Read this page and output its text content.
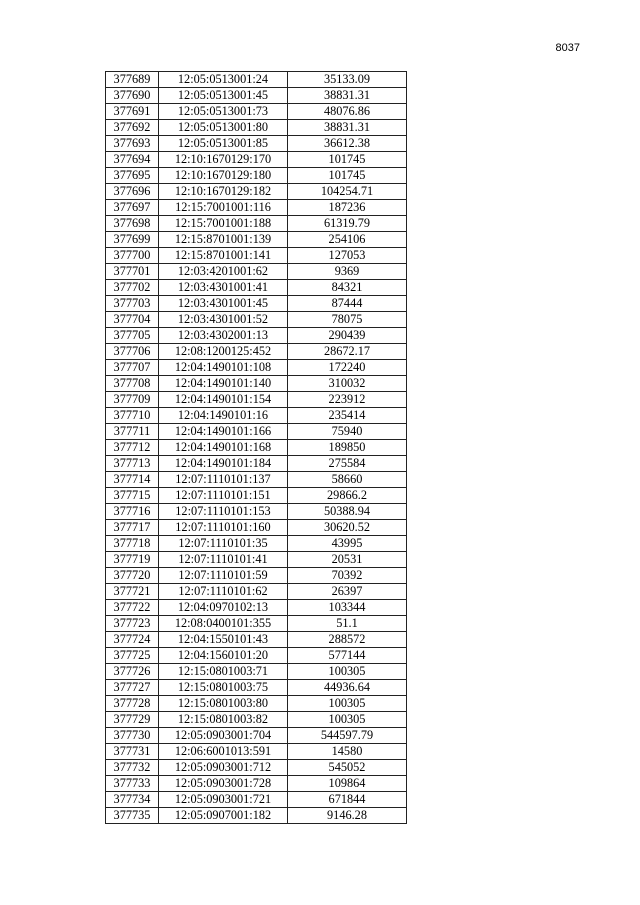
8037
377689	12:05:0513001:24	35133.09
377690	12:05:0513001:45	38831.31
377691	12:05:0513001:73	48076.86
377692	12:05:0513001:80	38831.31
377693	12:05:0513001:85	36612.38
377694	12:10:1670129:170	101745
377695	12:10:1670129:180	101745
377696	12:10:1670129:182	104254.71
377697	12:15:7001001:116	187236
377698	12:15:7001001:188	61319.79
377699	12:15:8701001:139	254106
377700	12:15:8701001:141	127053
377701	12:03:4201001:62	9369
377702	12:03:4301001:41	84321
377703	12:03:4301001:45	87444
377704	12:03:4301001:52	78075
377705	12:03:4302001:13	290439
377706	12:08:1200125:452	28672.17
377707	12:04:1490101:108	172240
377708	12:04:1490101:140	310032
377709	12:04:1490101:154	223912
377710	12:04:1490101:16	235414
377711	12:04:1490101:166	75940
377712	12:04:1490101:168	189850
377713	12:04:1490101:184	275584
377714	12:07:1110101:137	58660
377715	12:07:1110101:151	29866.2
377716	12:07:1110101:153	50388.94
377717	12:07:1110101:160	30620.52
377718	12:07:1110101:35	43995
377719	12:07:1110101:41	20531
377720	12:07:1110101:59	70392
377721	12:07:1110101:62	26397
377722	12:04:0970102:13	103344
377723	12:08:0400101:355	51.1
377724	12:04:1550101:43	288572
377725	12:04:1560101:20	577144
377726	12:15:0801003:71	100305
377727	12:15:0801003:75	44936.64
377728	12:15:0801003:80	100305
377729	12:15:0801003:82	100305
377730	12:05:0903001:704	544597.79
377731	12:06:6001013:591	14580
377732	12:05:0903001:712	545052
377733	12:05:0903001:728	109864
377734	12:05:0903001:721	671844
377735	12:05:0907001:182	9146.28
